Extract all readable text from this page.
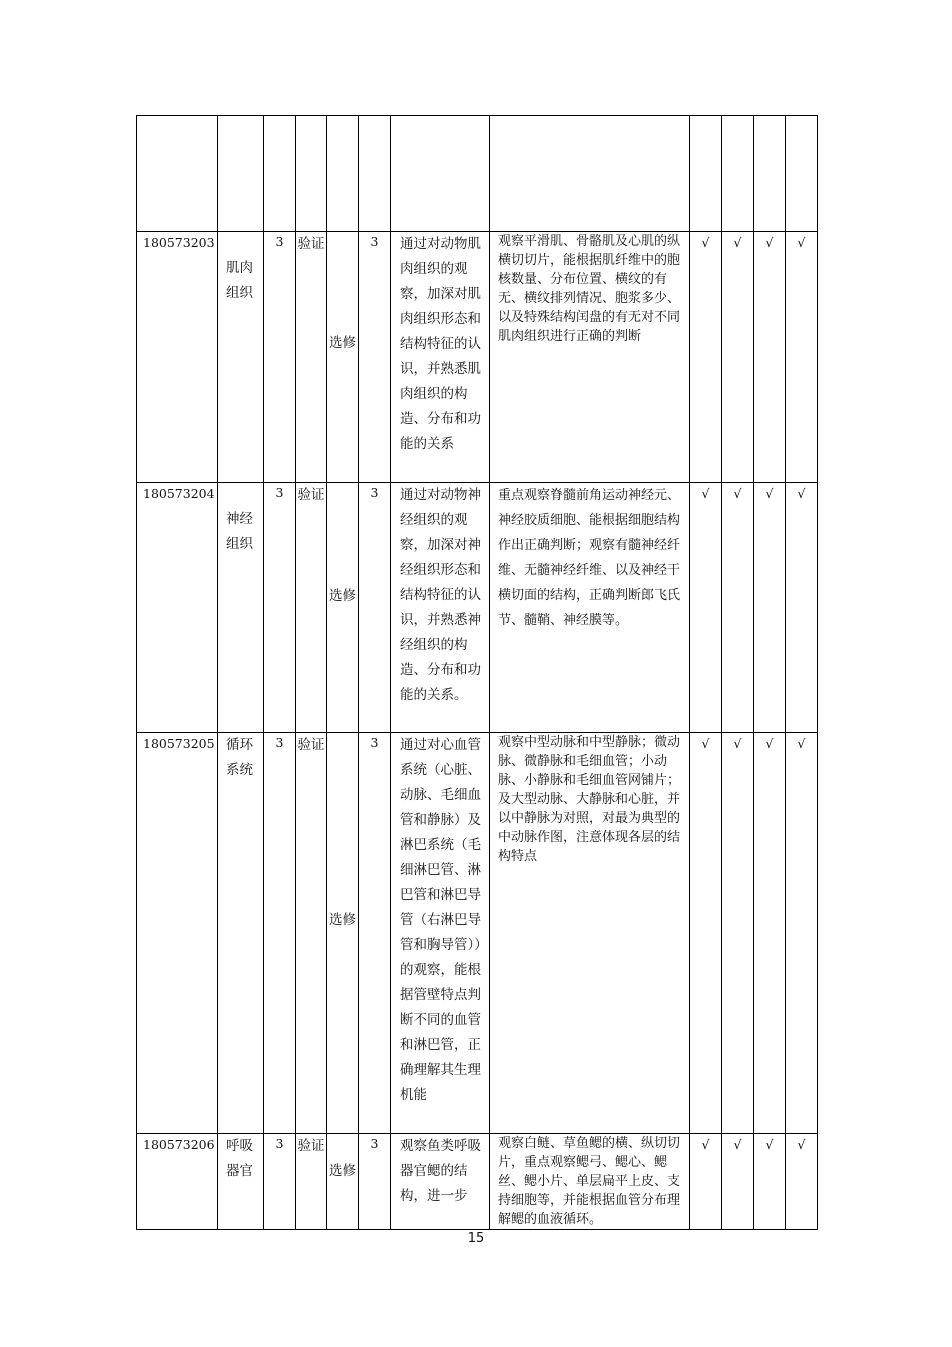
180573203	肌肉组织	3	验证	选修	3	通过对动物肌肉组织的观察，加深对肌肉组织形态和结构特征的认识，并熟悉肌肉组织的构造、分布和功能的关系	观察平滑肌、骨骼肌及心肌的纵横切切片，能根据肌纤维中的胞核数量、分布位置、横纹的有无、横纹排列情况、胞浆多少、以及特殊结构闰盘的有无对不同肌肉组织进行正确的判断	√	√	√	√
180573204	神经组织	3	验证	选修	3	通过对动物神经组织的观察，加深对神经组织形态和结构特征的认识，并熟悉神经组织的构造、分布和功能的关系。	重点观察脊髓前角运动神经元、神经胶质细胞、能根据细胞结构作出正确判断；观察有髓神经纤维、无髓神经纤维、以及神经干横切面的结构，正确判断郎飞氏节、髓鞘、神经膜等。	√	√	√	√
180573205	循环系统	3	验证	选修	3	通过对心血管系统（心脏、动脉、毛细血管和静脉）及淋巴系统（毛细淋巴管、淋巴管和淋巴导管（右淋巴导管和胸导管））的观察，能根据管壁特点判断不同的血管和淋巴管，正确理解其生理机能	观察中型动脉和中型静脉；微动脉、微静脉和毛细血管；小动脉、小静脉和毛细血管网铺片；及大型动脉、大静脉和心脏，并以中静脉为对照，对最为典型的中动脉作图，注意体现各层的结构特点	√	√	√	√
180573206	呼吸器官	3	验证	选修	3	观察鱼类呼吸器官鳃的结构，进一步	观察白鲢、草鱼鳃的横、纵切切片，重点观察鳃弓、鳃心、鳃丝、鳃小片、单层扁平上皮、支持细胞等，并能根据血管分布理解鳃的血液循环。	√	√	√	√
15
